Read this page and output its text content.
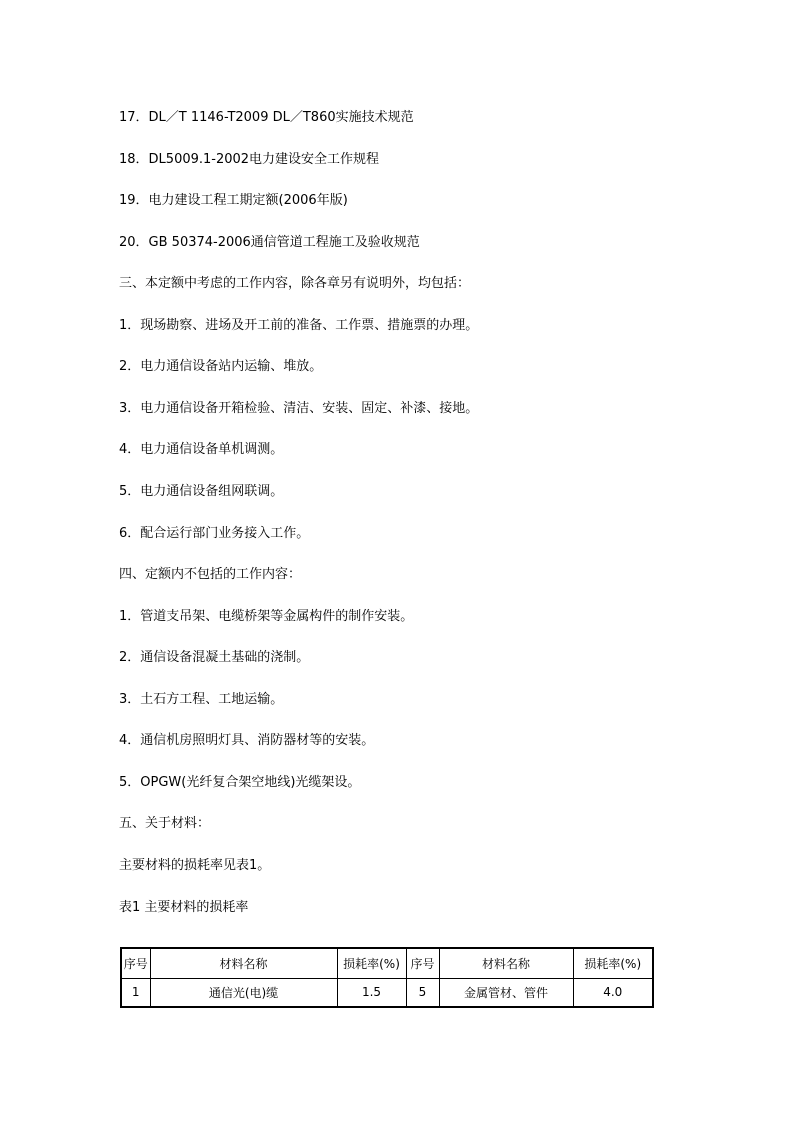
17．DL／T 1146-T2009 DL／T860实施技术规范
18．DL5009.1-2002电力建设安全工作规程
19．电力建设工程工期定额(2006年版)
20．GB 50374-2006通信管道工程施工及验收规范
三、本定额中考虑的工作内容，除各章另有说明外，均包括：
1．现场勘察、进场及开工前的准备、工作票、措施票的办理。
2．电力通信设备站内运输、堆放。
3．电力通信设备开箱检验、清洁、安装、固定、补漆、接地。
4．电力通信设备单机调测。
5．电力通信设备组网联调。
6．配合运行部门业务接入工作。
四、定额内不包括的工作内容：
1．管道支吊架、电缆桥架等金属构件的制作安装。
2．通信设备混凝土基础的浇制。
3．土石方工程、工地运输。
4．通信机房照明灯具、消防器材等的安装。
5．OPGW(光纤复合架空地线)光缆架设。
五、关于材料：
主要材料的损耗率见表1。
表1 主要材料的损耗率
序号	材料名称	损耗率(%)	序号	材料名称	损耗率(%)
1	通信光(电)缆	1.5	5	金属管材、管件	4.0
